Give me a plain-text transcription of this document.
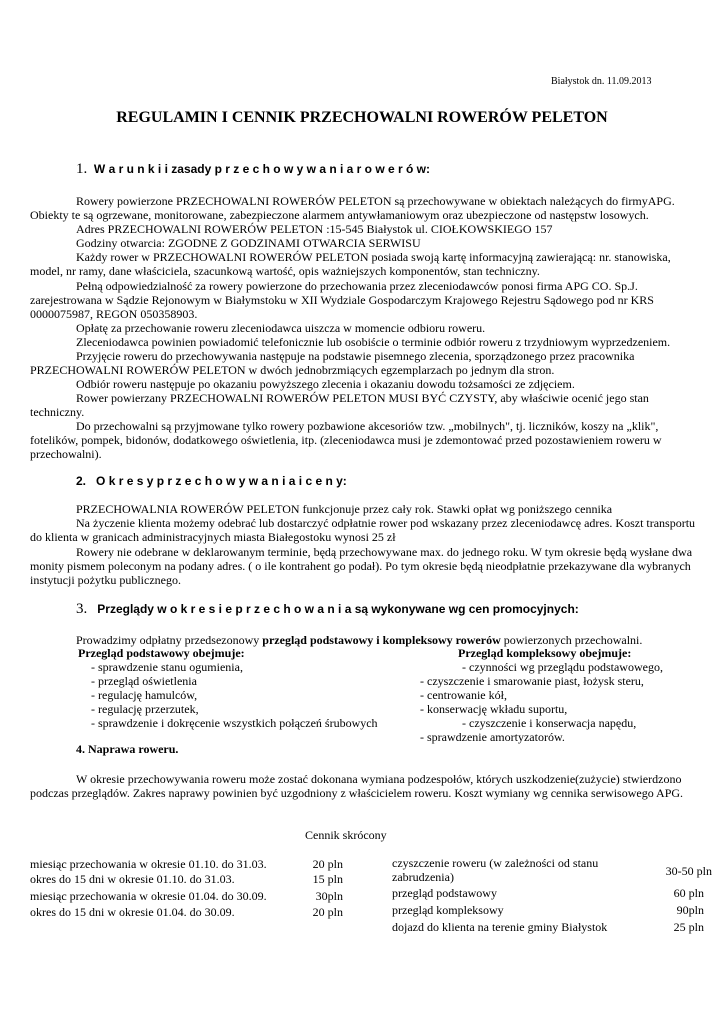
Białystok dn. 11.09.2013
REGULAMIN I CENNIK PRZECHOWALNI ROWERÓW PELETON
1. W a r u n k i i zasady p r z e c h o w y w a n i a r o w e r ó w:
Rowery powierzone PRZECHOWALNI ROWERÓW PELETON są przechowywane w obiektach należących do firmyAPG.
Obiekty te są ogrzewane, monitorowane, zabezpieczone alarmem antywłamaniowym oraz ubezpieczone od następstw losowych.
Adres PRZECHOWALNI ROWERÓW PELETON :15-545 Białystok ul. CIOŁKOWSKIEGO 157
Godziny otwarcia: ZGODNE Z GODZINAMI OTWARCIA SERWISU
Każdy rower w PRZECHOWALNI ROWERÓW PELETON posiada swoją kartę informacyjną zawierającą: nr. stanowiska,
model, nr ramy, dane właściciela, szacunkową wartość, opis ważniejszych komponentów, stan techniczny.
Pełną odpowiedzialność za rowery powierzone do przechowania przez zleceniodawców ponosi firma APG CO. Sp.J.
zarejestrowana w Sądzie Rejonowym w Białymstoku w XII Wydziale Gospodarczym Krajowego Rejestru Sądowego pod nr KRS
0000075987, REGON 050358903.
Opłatę za przechowanie roweru zleceniodawca uiszcza w momencie odbioru roweru.
Zleceniodawca powinien powiadomić telefonicznie lub osobiście o terminie odbiór roweru z trzydniowym wyprzedzeniem.
Przyjęcie roweru do przechowywania następuje na podstawie pisemnego zlecenia, sporządzonego przez pracownika
PRZECHOWALNI ROWERÓW PELETON w dwóch jednobrzmiących egzemplarzach po jednym dla stron.
Odbiór roweru następuje po okazaniu powyższego zlecenia i okazaniu dowodu tożsamości ze zdjęciem.
Rower powierzany PRZECHOWALNI ROWERÓW PELETON MUSI BYĆ CZYSTY, aby właściwie ocenić jego stan
techniczny.
Do przechowalni są przyjmowane tylko rowery pozbawione akcesoriów tzw. „mobilnych", tj. liczników, koszy na „klik",
fotelików, pompek, bidonów, dodatkowego oświetlenia, itp. (zleceniodawca musi je zdemontować przed pozostawieniem roweru w
przechowalni).
2. O k r e s y p r z e c h o w y w a n i a i c e n y:
PRZECHOWALNIA ROWERÓW PELETON funkcjonuje przez cały rok. Stawki opłat wg poniższego cennika
Na życzenie klienta możemy odebrać lub dostarczyć odpłatnie rower pod wskazany przez zleceniodawcę adres. Koszt transportu
do klienta w granicach administracyjnych miasta Białegostoku wynosi 25 zł
Rowery nie odebrane w deklarowanym terminie, będą przechowywane max. do jednego roku. W tym okresie będą wysłane dwa
monity pismem poleconym na podany adres. ( o ile kontrahent go podał). Po tym okresie będą nieodpłatnie przekazywane dla wybranych
instytucji pożytku publicznego.
3. Przeglądy w o k r e s i e p r z e c h o w a n i a są wykonywane wg cen promocyjnych:
Prowadzimy odpłatny przedsezonowy przegląd podstawowy i kompleksowy rowerów powierzonych przechowalni.
Przegląd podstawowy obejmuje:
- sprawdzenie stanu ogumienia,
- przegląd oświetlenia
- regulację hamulców,
- regulację przerzutek,
- sprawdzenie i dokręcenie wszystkich połączeń śrubowych
Przegląd kompleksowy obejmuje:
- czynności wg przeglądu podstawowego,
- czyszczenie i smarowanie piast, łożysk steru,
- centrowanie kół,
- konserwację wkładu suportu,
- czyszczenie i konserwacja napędu,
- sprawdzenie amortyzatorów.
4. Naprawa roweru.
W okresie przechowywania roweru może zostać dokonana wymiana podzespołów, których uszkodzenie(zużycie) stwierdzono
podczas przeglądów. Zakres naprawy powinien być uzgodniony z właścicielem roweru. Koszt wymiany wg cennika serwisowego APG.
Cennik skrócony
miesiąc przechowania w okresie 01.10. do 31.03.	20 pln
okres do 15 dni w okresie 01.10. do 31.03.	15 pln
miesiąc przechowania w okresie 01.04. do 30.09.	30pln
okres do 15 dni w okresie 01.04. do 30.09.	20 pln
czyszczenie roweru (w zależności od stanu
zabrudzenia)	30-50 pln
przegląd podstawowy	60 pln
przegląd kompleksowy	90pln
dojazd do klienta na terenie gminy Białystok	25 pln
